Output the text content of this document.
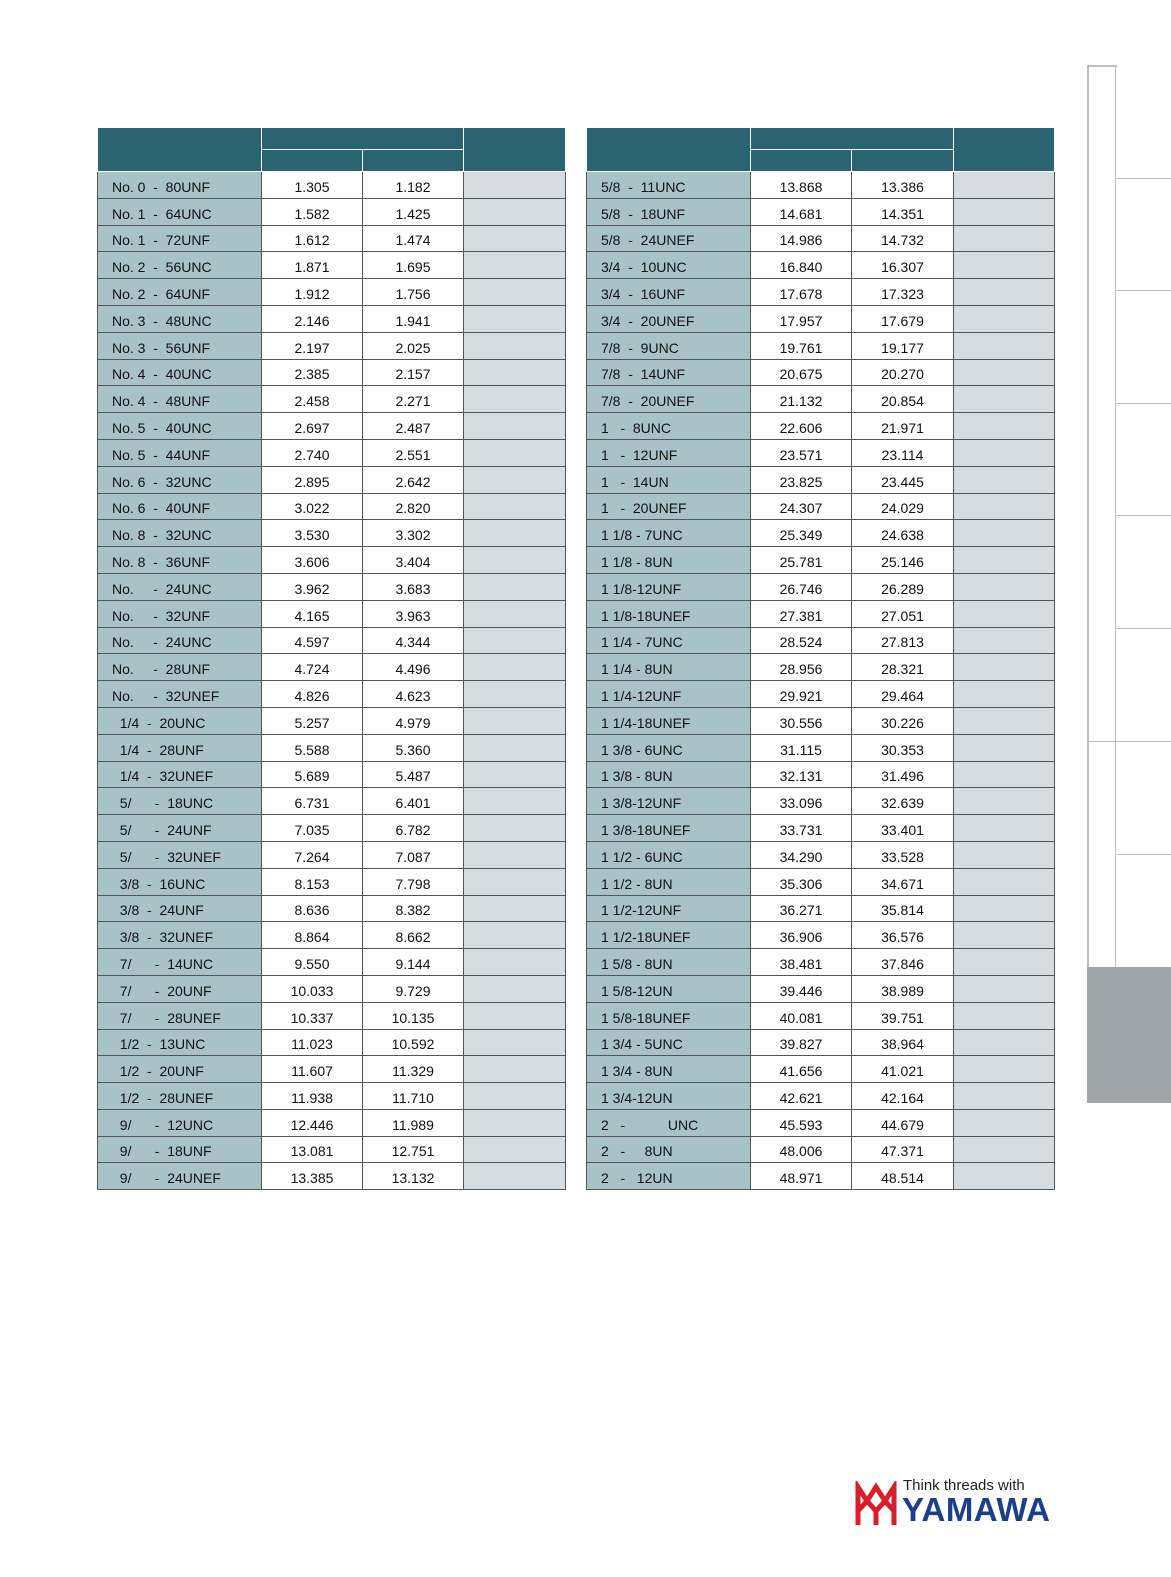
No. 0  -  80UNF	1.305	1.182	
No. 1  -  64UNC	1.582	1.425	
No. 1  -  72UNF	1.612	1.474	
No. 2  -  56UNC	1.871	1.695	
No. 2  -  64UNF	1.912	1.756	
No. 3  -  48UNC	2.146	1.941	
No. 3  -  56UNF	2.197	2.025	
No. 4  -  40UNC	2.385	2.157	
No. 4  -  48UNF	2.458	2.271	
No. 5  -  40UNC	2.697	2.487	
No. 5  -  44UNF	2.740	2.551	
No. 6  -  32UNC	2.895	2.642	
No. 6  -  40UNF	3.022	2.820	
No. 8  -  32UNC	3.530	3.302	
No. 8  -  36UNF	3.606	3.404	
No.     -  24UNC	3.962	3.683	
No.     -  32UNF	4.165	3.963	
No.     -  24UNC	4.597	4.344	
No.     -  28UNF	4.724	4.496	
No.     -  32UNEF	4.826	4.623	
1/4  -  20UNC	5.257	4.979	
1/4  -  28UNF	5.588	5.360	
1/4  -  32UNEF	5.689	5.487	
5/      -  18UNC	6.731	6.401	
5/      -  24UNF	7.035	6.782	
5/      -  32UNEF	7.264	7.087	
3/8  -  16UNC	8.153	7.798	
3/8  -  24UNF	8.636	8.382	
3/8  -  32UNEF	8.864	8.662	
7/      -  14UNC	9.550	9.144	
7/      -  20UNF	10.033	9.729	
7/      -  28UNEF	10.337	10.135	
1/2  -  13UNC	11.023	10.592	
1/2  -  20UNF	11.607	11.329	
1/2  -  28UNEF	11.938	11.710	
9/      -  12UNC	12.446	11.989	
9/      -  18UNF	13.081	12.751	
9/      -  24UNEF	13.385	13.132	

5/8  -  11UNC	13.868	13.386	
5/8  -  18UNF	14.681	14.351	
5/8  -  24UNEF	14.986	14.732	
3/4  -  10UNC	16.840	16.307	
3/4  -  16UNF	17.678	17.323	
3/4  -  20UNEF	17.957	17.679	
7/8  -  9UNC	19.761	19.177	
7/8  -  14UNF	20.675	20.270	
7/8  -  20UNEF	21.132	20.854	
1   -  8UNC	22.606	21.971	
1   -  12UNF	23.571	23.114	
1   -  14UN	23.825	23.445	
1   -  20UNEF	24.307	24.029	
1 1/8 - 7UNC	25.349	24.638	
1 1/8 - 8UN	25.781	25.146	
1 1/8-12UNF	26.746	26.289	
1 1/8-18UNEF	27.381	27.051	
1 1/4 - 7UNC	28.524	27.813	
1 1/4 - 8UN	28.956	28.321	
1 1/4-12UNF	29.921	29.464	
1 1/4-18UNEF	30.556	30.226	
1 3/8 - 6UNC	31.115	30.353	
1 3/8 - 8UN	32.131	31.496	
1 3/8-12UNF	33.096	32.639	
1 3/8-18UNEF	33.731	33.401	
1 1/2 - 6UNC	34.290	33.528	
1 1/2 - 8UN	35.306	34.671	
1 1/2-12UNF	36.271	35.814	
1 1/2-18UNEF	36.906	36.576	
1 5/8 - 8UN	38.481	37.846	
1 5/8-12UN	39.446	38.989	
1 5/8-18UNEF	40.081	39.751	
1 3/4 - 5UNC	39.827	38.964	
1 3/4 - 8UN	41.656	41.021	
1 3/4-12UN	42.621	42.164	
2   -           UNC	45.593	44.679	
2   -     8UN	48.006	47.371	
2   -   12UN	48.971	48.514	
Think threads with
YAMAWA
